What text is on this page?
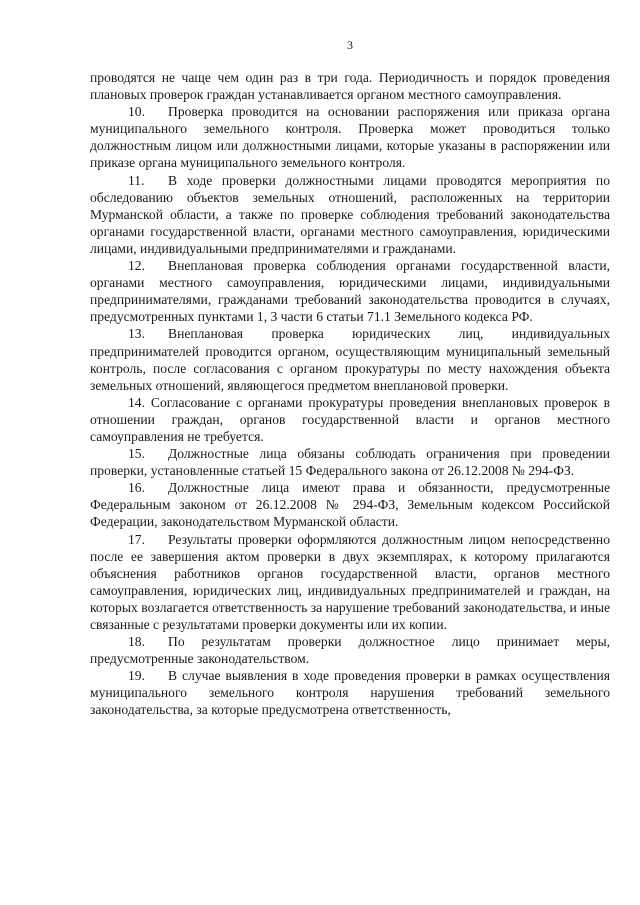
3

проводятся не чаще чем один раз в три года. Периодичность и порядок проведения плановых проверок граждан устанавливается органом местного самоуправления.

10. Проверка проводится на основании распоряжения или приказа органа муниципального земельного контроля. Проверка может проводиться только должностным лицом или должностными лицами, которые указаны в распоряжении или приказе органа муниципального земельного контроля.

11. В ходе проверки должностными лицами проводятся мероприятия по обследованию объектов земельных отношений, расположенных на территории Мурманской области, а также по проверке соблюдения требований законодательства органами государственной власти, органами местного самоуправления, юридическими лицами, индивидуальными предпринимателями и гражданами.

12. Внеплановая проверка соблюдения органами государственной власти, органами местного самоуправления, юридическими лицами, индивидуальными предпринимателями, гражданами требований законодательства проводится в случаях, предусмотренных пунктами 1, 3 части 6 статьи 71.1 Земельного кодекса РФ.

13. Внеплановая проверка юридических лиц, индивидуальных предпринимателей проводится органом, осуществляющим муниципальный земельный контроль, после согласования с органом прокуратуры по месту нахождения объекта земельных отношений, являющегося предметом внеплановой проверки.

14. Согласование с органами прокуратуры проведения внеплановых проверок в отношении граждан, органов государственной власти и органов местного самоуправления не требуется.

15. Должностные лица обязаны соблюдать ограничения при проведении проверки, установленные статьей 15 Федерального закона от 26.12.2008 № 294-ФЗ.

16. Должностные лица имеют права и обязанности, предусмотренные Федеральным законом от 26.12.2008 № 294-ФЗ, Земельным кодексом Российской Федерации, законодательством Мурманской области.

17. Результаты проверки оформляются должностным лицом непосредственно после ее завершения актом проверки в двух экземплярах, к которому прилагаются объяснения работников органов государственной власти, органов местного самоуправления, юридических лиц, индивидуальных предпринимателей и граждан, на которых возлагается ответственность за нарушение требований законодательства, и иные связанные с результатами проверки документы или их копии.

18. По результатам проверки должностное лицо принимает меры, предусмотренные законодательством.

19. В случае выявления в ходе проведения проверки в рамках осуществления муниципального земельного контроля нарушения требований земельного законодательства, за которые предусмотрена ответственность,
